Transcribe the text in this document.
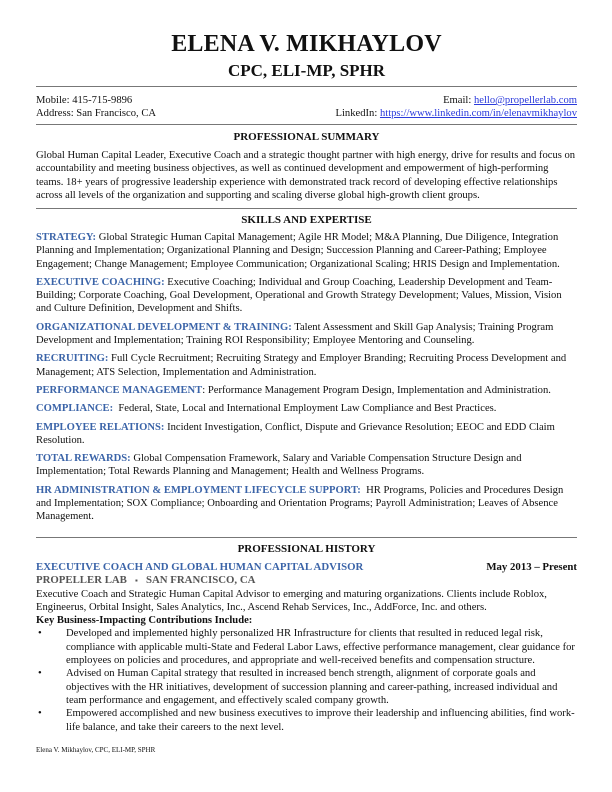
ELENA V. MIKHAYLOV
CPC, ELI-MP, SPHR
Mobile: 415-715-9896	Email: hello@propellerlab.com
Address: San Francisco, CA	LinkedIn: https://www.linkedin.com/in/elenavmikhaylov
PROFESSIONAL SUMMARY
Global Human Capital Leader, Executive Coach and a strategic thought partner with high energy, drive for results and focus on accountability and meeting business objectives, as well as continued development and empowerment of high-performing teams. 18+ years of progressive leadership experience with demonstrated track record of developing effective relationships across all levels of the organization and supporting and scaling diverse global high-growth client groups.
SKILLS AND EXPERTISE
STRATEGY: Global Strategic Human Capital Management; Agile HR Model; M&A Planning, Due Diligence, Integration Planning and Implementation; Organizational Planning and Design; Succession Planning and Career-Pathing; Employee Engagement; Change Management; Employee Communication; Organizational Scaling; HRIS Design and Implementation.
EXECUTIVE COACHING: Executive Coaching; Individual and Group Coaching, Leadership Development and Team-Building; Corporate Coaching, Goal Development, Operational and Growth Strategy Development; Values, Mission, Vision and Culture Definition, Development and Shifts.
ORGANIZATIONAL DEVELOPMENT & TRAINING: Talent Assessment and Skill Gap Analysis; Training Program Development and Implementation; Training ROI Responsibility; Employee Mentoring and Counseling.
RECRUITING: Full Cycle Recruitment; Recruiting Strategy and Employer Branding; Recruiting Process Development and Management; ATS Selection, Implementation and Administration.
PERFORMANCE MANAGEMENT: Performance Management Program Design, Implementation and Administration.
COMPLIANCE:  Federal, State, Local and International Employment Law Compliance and Best Practices.
EMPLOYEE RELATIONS: Incident Investigation, Conflict, Dispute and Grievance Resolution; EEOC and EDD Claim Resolution.
TOTAL REWARDS: Global Compensation Framework, Salary and Variable Compensation Structure Design and Implementation; Total Rewards Planning and Management; Health and Wellness Programs.
HR ADMINISTRATION & EMPLOYMENT LIFECYCLE SUPPORT:  HR Programs, Policies and Procedures Design and Implementation; SOX Compliance; Onboarding and Orientation Programs; Payroll Administration; Leaves of Absence Management.
PROFESSIONAL HISTORY
EXECUTIVE COACH AND GLOBAL HUMAN CAPITAL ADVISOR	May 2013 – Present
PROPELLER LAB ▪ SAN FRANCISCO, CA
Executive Coach and Strategic Human Capital Advisor to emerging and maturing organizations. Clients include Roblox, Engineerus, Orbital Insight, Sales Analytics, Inc., Ascend Rehab Services, Inc., AddForce, Inc. and others.
Key Business-Impacting Contributions Include:
• Developed and implemented highly personalized HR Infrastructure for clients that resulted in reduced legal risk, compliance with applicable multi-State and Federal Labor Laws, effective performance management, clear guidance for employees on policies and procedures, and appropriate and well-received benefits and compensation structure.
• Advised on Human Capital strategy that resulted in increased bench strength, alignment of corporate goals and objectives with the HR initiatives, development of succession planning and career-pathing, increased individual and team performance and engagement, and effectively scaled company growth.
• Empowered accomplished and new business executives to improve their leadership and influencing abilities, find work-life balance, and take their careers to the next level.
Elena V. Mikhaylov, CPC, ELI-MP, SPHR
